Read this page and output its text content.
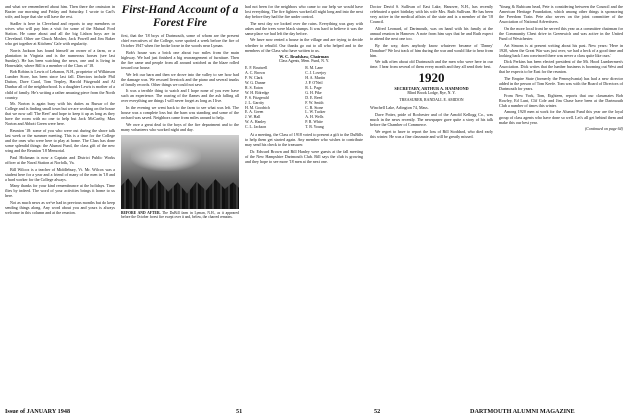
and what we remembered about him. Then there the omission in Baxter our morning and Friday and Saturday. I wrote to Carl's wife, and hope that she will have the rest.

Stadler is here in Cleveland and reports to any members or wives who will pay him a visit for some of the Mutual Ford Station. He came about and all the big Lisbon boys are in Cleveland. Other are Chuck Mosher, Jack Powell and Jim Baker who get together at Kitchens' Cafe with regularity.

Norris Jackson has found himself an owner of a farm, or a plantation in Virginia and is the numerous horses (see last Sunday). He has been watching the news, one and is living in Honesdale, where Bill is a member of the Class of '18.

Bob Robins is Lewis of Lebanon, N.H., proprietor of Wilkinson Lumber Store, has been since last fall. Directors include Phil Dutton, Dave Carol, Tom Terpley, Harold Fitzgerald and Al Dunbar all of the neighborhood. Is a daughter Lewis is mother of a child of family. He's writing a rather amusing piece from the North country.

Mr. Norton is again busy with his duties as Bursar of the College and is finding small town but we are working on the house that we now call 'The Reef' and hope to keep it up as long as they have the room with no one to help but Jack McCarthy, Max Norton and Abbott Green were here.

Reunion '18: some of you who were out during the shore talk last week or the summer meeting. This is a time for the College and the ones who were here to play at home. The Class has done some splendid things: the Alumni Fund, the class gift of the new wing and the Reunion '18 Memorial.

Paul Hickman is now a Captain and District Public Works officer at the Naval Station at Norfolk, Va.

Bill Wilcox is a teacher of Middlebury, Vt. Mr. Wilcox was a student here for a year and a friend of many of the men in '18 and a hard worker for the College always.

Many thanks for your kind remembrance at the holidays. Time flies by indeed. The word of your activities brings it home to us here.

Not as much news as we've had in previous months but do keep sending things along. Any word about you and yours is always welcome in this column and at the reunion.

First-Hand Account of a Forest Fire

first, that the '18 boys of Dartmouth, some of whom are the present chief executives of the College, were spotted a week before the fire of October 1947 when fire broke loose in the woods near Lyman.

Bob's house was a brick one about two miles from the main highway. We had just finished a big rearrangement of furniture. Then the fire came and people from all around watched as the blaze rolled toward our house.

We left our barn and then we drove into the valley to see how bad the damage was. We rescued livestock and the piano and several trunks of family records. Other things we could not save.

It was a terrible thing to watch and I hope none of you ever have such an experience. The roaring of the flames and the ash falling all over everything are things I will never forget as long as I live.

In the evening we went back to the farm to see what was left. The house was a complete loss but the barn was standing and some of the orchard was saved. Neighbors came from miles around to help.

We owe a great deal to the boys of the fire department and to the many volunteers who worked night and day.

BEFORE AND AFTER. The DuBill farm in Lyman, N.H., as it appeared before the October forest fire swept over it and, below, the charred remains.

had not been for the neighbors who came to our help we would have lost everything. The fire fighters worked all night long and into the next day before they had the fire under control.

The next day we looked over the ruins. Everything was gray with ashes and the trees were black stumps. It was hard to believe it was the same place we had left the day before.

We have now rented a house in the village and are trying to decide whether to rebuild. Our thanks go out to all who helped and to the members of the Class who have written to us.

W. C. Bradshaw, Chairman
Class Agents, Mem. Fund, N. Y.
E. F. Boutwell
A. C. Brown
F. W. Clark
W. G. Dunne
R. S. Eaton
W. H. Eldredge
F. S. Fitzgerald
J. L. Garrity
H. M. Goodrich
E. A. Green
J. W. Hall
W. A. Hanley
C. L. Jackson
R. M. Lane
C. J. Lovejoy
H. A. Martin
J. P. O'Neil
R. L. Page
G. H. Pike
D. E. Reed
F. W. Smith
C. R. Stone
L. W. Tucker
A. H. Wells
P. R. White
T. B. Young

At a meeting, the Class of 1918 voted to present a gift to the DuBills to help them get started again. Any member who wishes to contribute may send his check to the treasurer.

Dr. Edward Brown and Bill Hanley were guests at the fall meeting of the New Hampshire Dartmouth Club. Bill says the club is growing and they hope to see more '18 men at the next one.

Doctor David S. Sullivan of East Lake, Hanover, N.H., has recently celebrated a quiet birthday with his wife Mrs. Ruth Sullivan. He has been very active in the medical affairs of the state and is a member of the '18 Council.

Alfred Leonard, of Dartmouth, was on hand with his family at the annual reunion in Hanover. A note from him says that he and Ruth expect to attend the next one too.

By the way, does anybody know whatever became of 'Danny' Donahue? We lost track of him during the war and would like to hear from him.

We talk often about old Dartmouth and the men who were here in our time. I hear from several of them every month and they all send their best.

1920
SECRETARY, ARTHUR A. HAMMOND
Blind Brook Lodge, Rye, N. Y.
TREASURER, RANDALL E. AMIDON

Winchell Lake, Arlington 74, Mass.

Dave Potter, pride of Rochester and of the Arnold Kellogg Co., was much in the news recently. The newspaper gave quite a story of his talk before the Chamber of Commerce.

We regret to have to report the loss of Bill Stoddard, who died early this winter. He was a fine classmate and will be greatly missed.

'Young & Rubicam head, Pete is considering between the Council and the American Heritage Foundation, which among other things is sponsoring the Freedom Train. Pete also serves on the joint committee of the Association of National Advertisers.

On the more local front he served this year as a committee chairman for the Community Chest drive in Greenwich and was active in the United Fund of Westchester.

Art Simons is at present writing about his past. New years: 'Here in 1920, when the Great War was just over, we had a heck of a good time and looking back I am convinced there was never a class quite like ours.'

Dick Perkins has been elected president of the Mt. Hood Lumbermen's Association. Dick writes that the lumber business is booming out West and that he expects to be East for the reunion.

The Empire State (formerly the Pennsylvania) has had a new director added in the person of Tom Keefe. Tom was with the Board of Directors of Dartmouth for years.

From New York, Tom, Eighteen, reports that our classmates Bob Rowley, Ed Lunt, Clif Cole and Jim Chase have been at the Dartmouth Club a number of times this winter.

Among 1920 men at work for the Alumni Fund this year are the loyal group of class agents who have done so well. Let's all get behind them and make this our best year.

(Continued on page 64)
Issue of JANUARY 1948	51	52	DARTMOUTH ALUMNI MAGAZINE
